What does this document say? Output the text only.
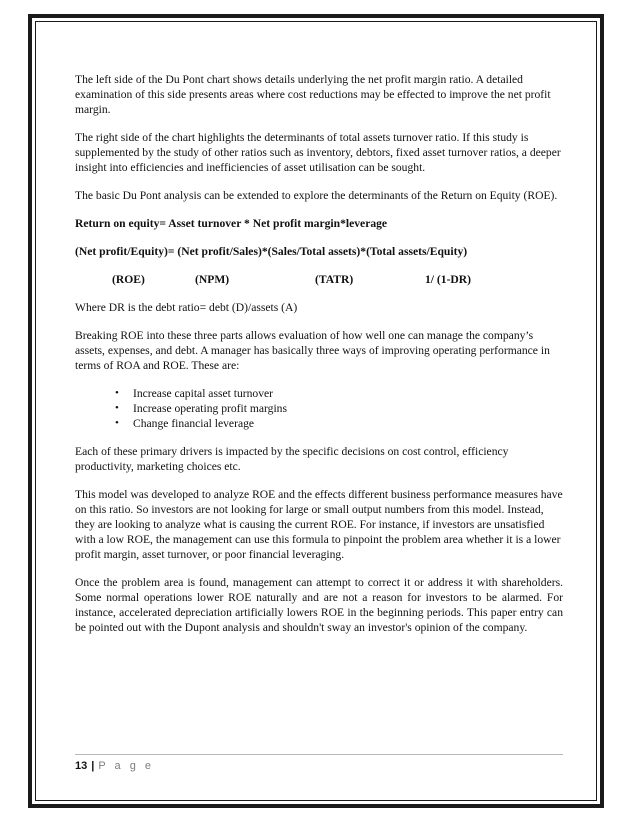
The left side of the Du Pont chart shows details underlying the net profit margin ratio. A detailed examination of this side presents areas where cost reductions may be effected to improve the net profit margin.

The right side of the chart highlights the determinants of total assets turnover ratio. If this study is supplemented by the study of other ratios such as inventory, debtors, fixed asset turnover ratios, a deeper insight into efficiencies and inefficiencies of asset utilisation can be sought.

The basic Du Pont analysis can be extended to explore the determinants of the Return on Equity (ROE).

Return on equity= Asset turnover * Net profit margin*leverage

(Net profit/Equity)= (Net profit/Sales)*(Sales/Total assets)*(Total assets/Equity)

(ROE)	(NPM)	(TATR)	1/ (1-DR)

Where DR is the debt ratio= debt (D)/assets (A)

Breaking ROE into these three parts allows evaluation of how well one can manage the company’s assets, expenses, and debt. A manager has basically three ways of improving operating performance in terms of ROA and ROE. These are:

• Increase capital asset turnover
• Increase operating profit margins
• Change financial leverage

Each of these primary drivers is impacted by the specific decisions on cost control, efficiency productivity, marketing choices etc.

This model was developed to analyze ROE and the effects different business performance measures have on this ratio. So investors are not looking for large or small output numbers from this model. Instead, they are looking to analyze what is causing the current ROE. For instance, if investors are unsatisfied with a low ROE, the management can use this formula to pinpoint the problem area whether it is a lower profit margin, asset turnover, or poor financial leveraging.

Once the problem area is found, management can attempt to correct it or address it with shareholders. Some normal operations lower ROE naturally and are not a reason for investors to be alarmed. For instance, accelerated depreciation artificially lowers ROE in the beginning periods. This paper entry can be pointed out with the Dupont analysis and shouldn't sway an investor's opinion of the company.

13 | P a g e
